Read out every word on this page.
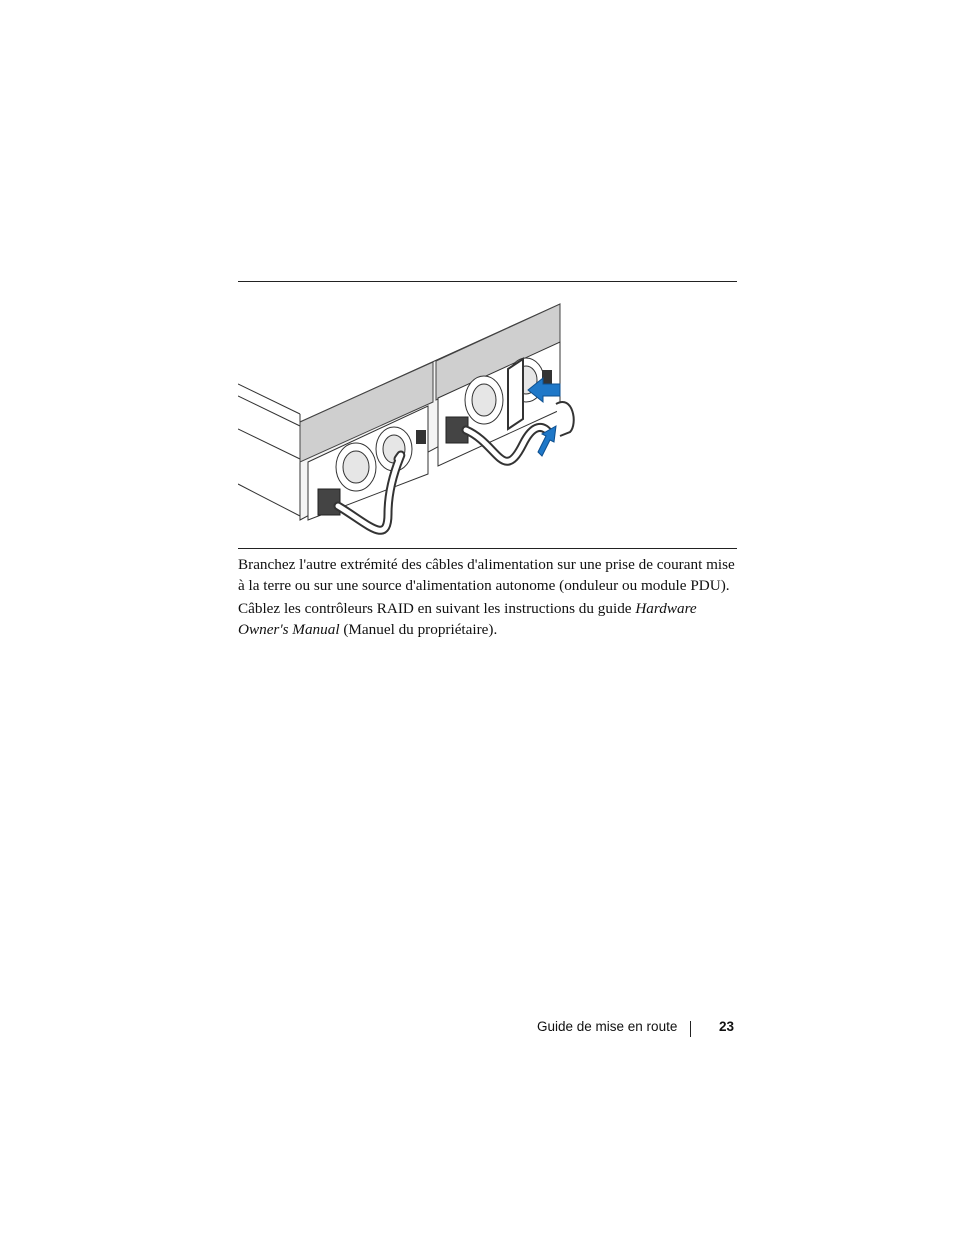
Branchez l'autre extrémité des câbles d'alimentation sur une prise de courant mise à la terre ou sur une source d'alimentation autonome (onduleur ou module PDU).

Câblez les contrôleurs RAID en suivant les instructions du guide Hardware Owner's Manual (Manuel du propriétaire).

Guide de mise en route	23
